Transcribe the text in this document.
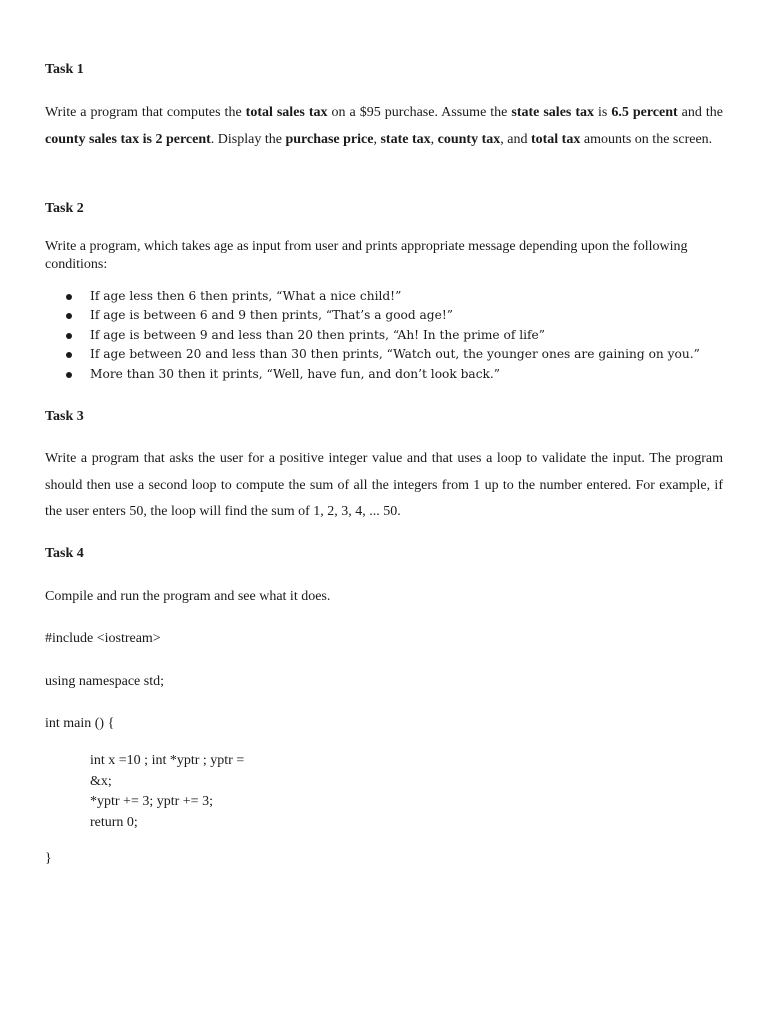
Task 1
Write a program that computes the total sales tax on a $95 purchase. Assume the state sales tax is 6.5 percent and the county sales tax is 2 percent. Display the purchase price, state tax, county tax, and total tax amounts on the screen.
Task 2
Write a program, which takes age as input from user and prints appropriate message depending upon the following conditions:
If age less then 6 then prints, “What a nice child!”
If age is between 6 and 9 then prints, “That’s a good age!”
If age is between 9 and less than 20 then prints, “Ah! In the prime of life”
If age between 20 and less than 30 then prints, “Watch out, the younger ones are gaining on you.”
More than 30 then it prints, “Well, have fun, and don’t look back.”
Task 3
Write a program that asks the user for a positive integer value and that uses a loop to validate the input. The program should then use a second loop to compute the sum of all the integers from 1 up to the number entered. For example, if the user enters 50, the loop will find the sum of 1, 2, 3, 4, ... 50.
Task 4
Compile and run the program and see what it does.
#include <iostream>
using namespace std;
int main () {
int x =10 ; int *yptr ; yptr =
&x;
*yptr += 3; yptr += 3;
return 0;
}
